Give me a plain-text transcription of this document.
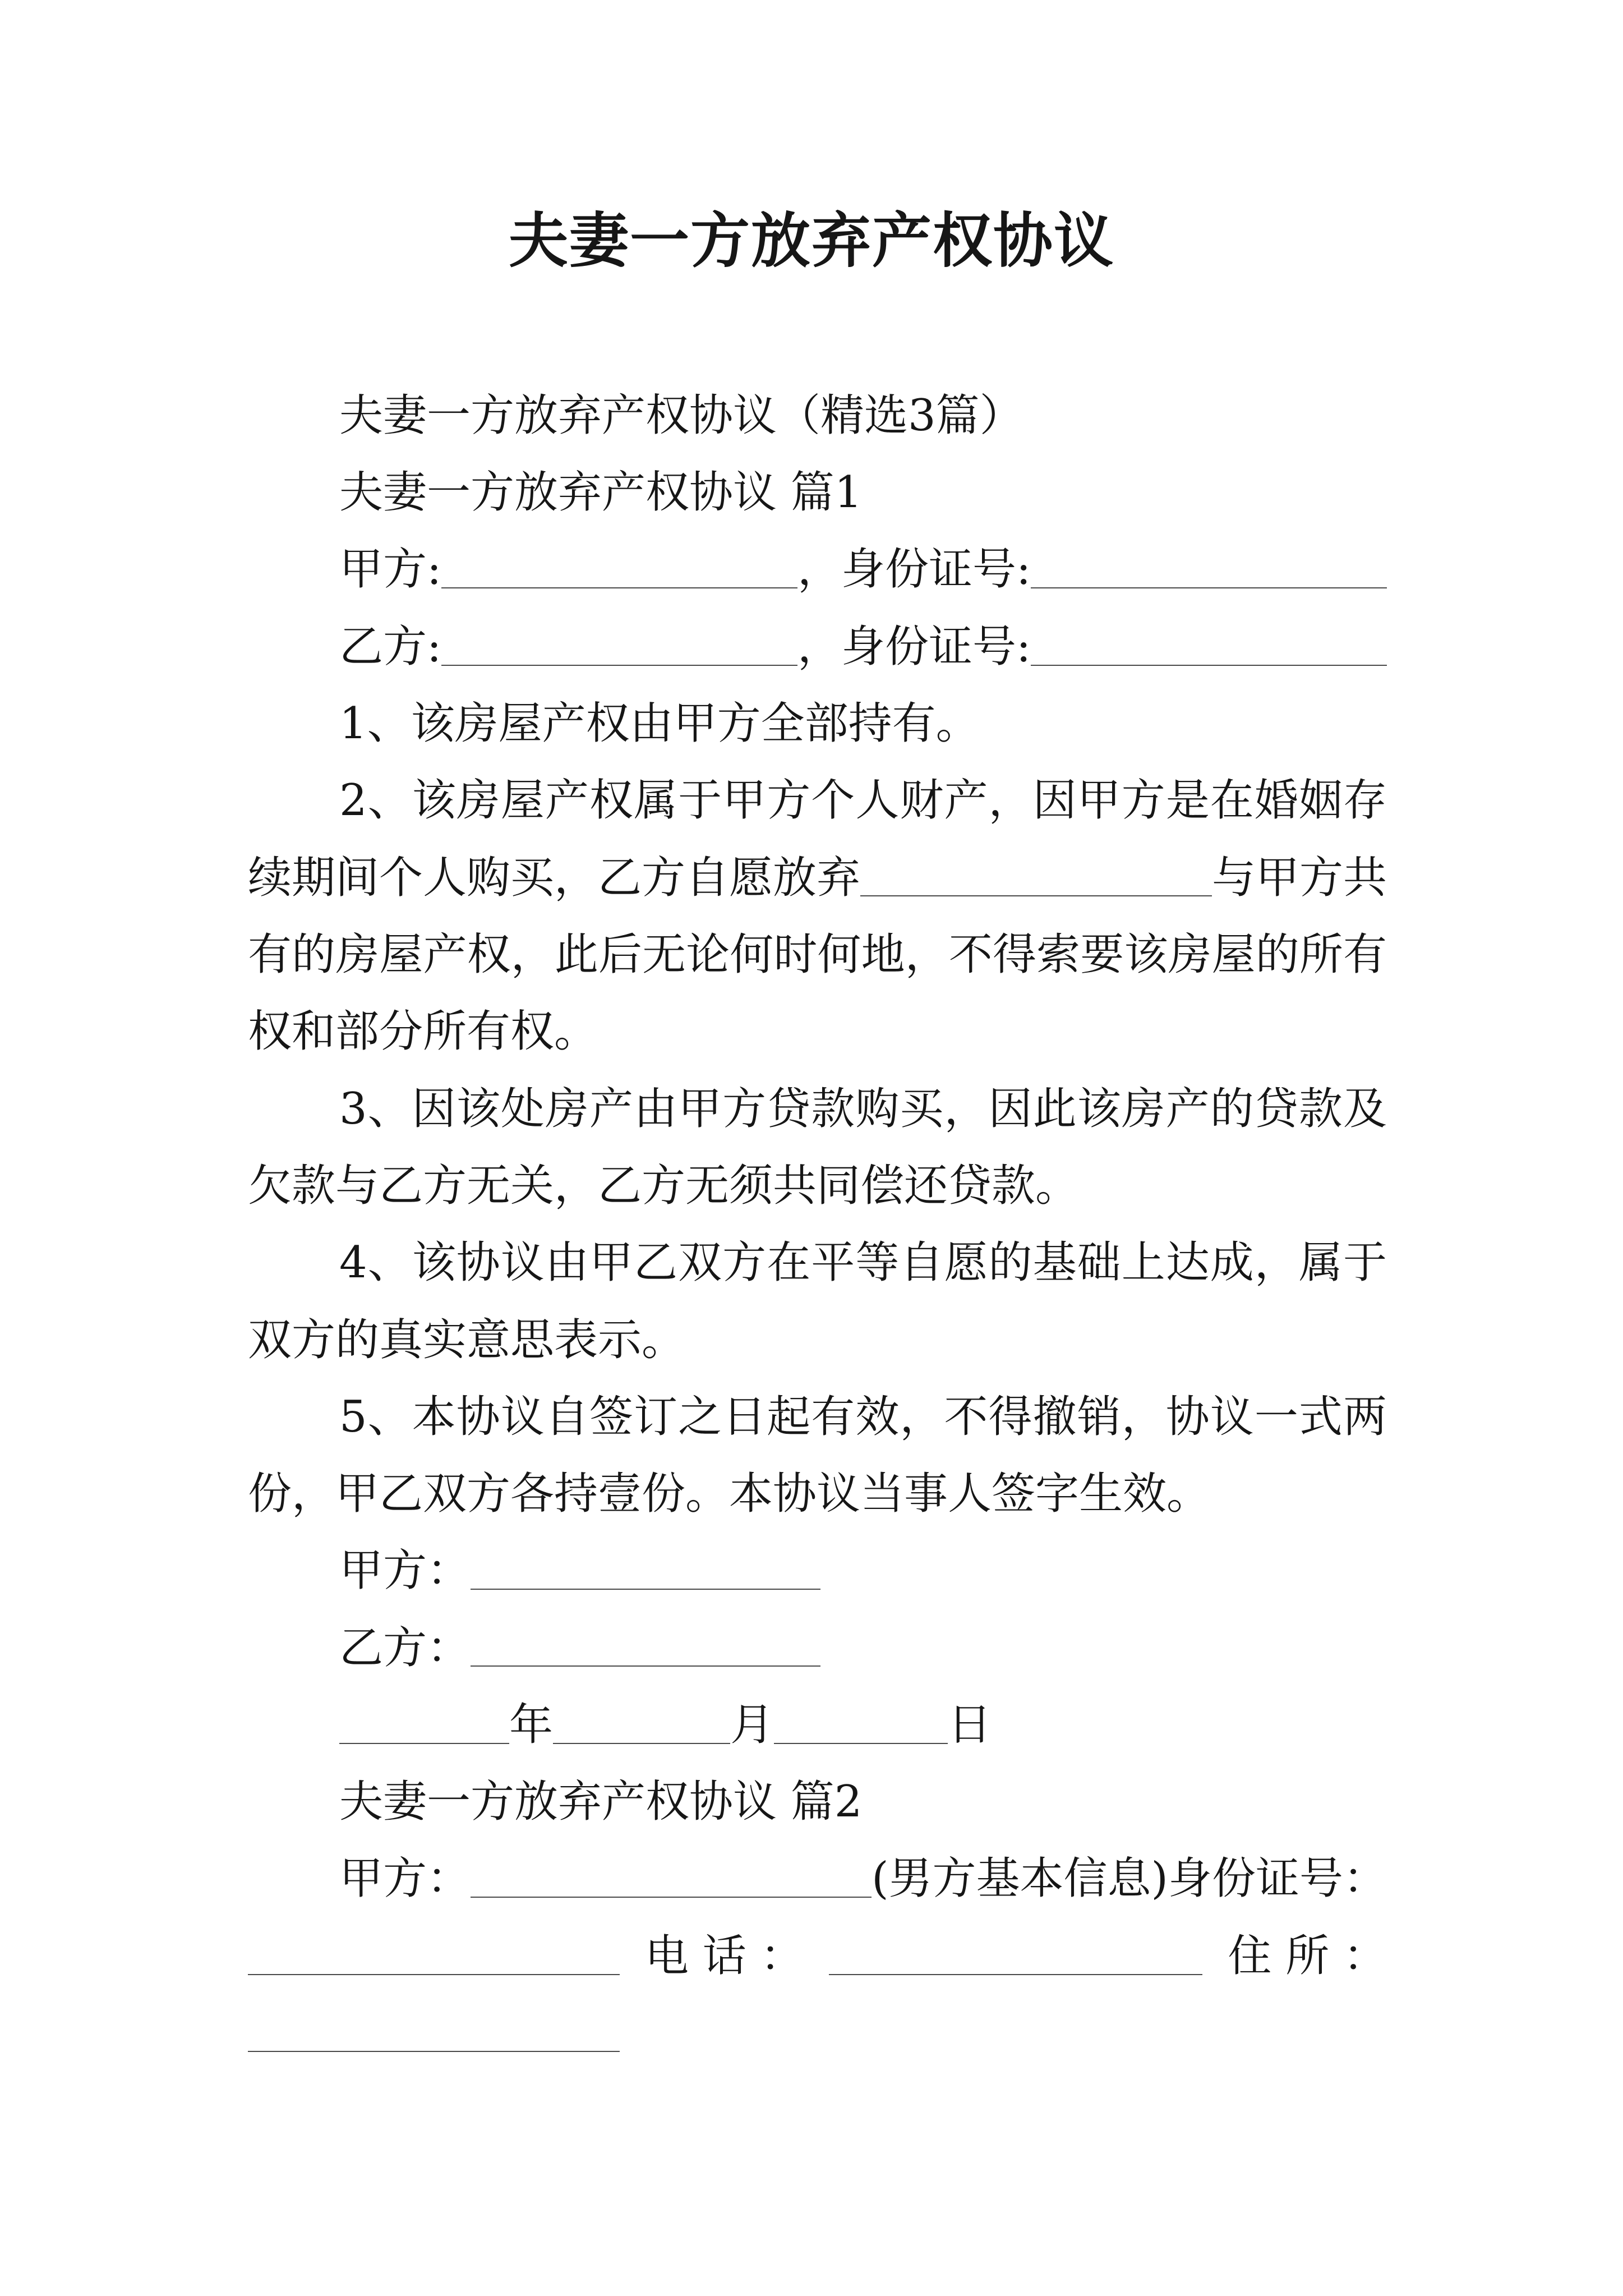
夫妻一方放弃产权协议
夫妻一方放弃产权协议（精选3篇）
夫妻一方放弃产权协议 篇1
甲方:	，身份证号:
乙方:	，身份证号:
1、该房屋产权由甲方全部持有。
2、该房屋产权属于甲方个人财产，因甲方是在婚姻存
续期间个人购买，乙方自愿放弃	与甲方共
有的房屋产权，此后无论何时何地，不得索要该房屋的所有
权和部分所有权。
3、因该处房产由甲方贷款购买，因此该房产的贷款及
欠款与乙方无关，乙方无须共同偿还贷款。
4、该协议由甲乙双方在平等自愿的基础上达成，属于
双方的真实意思表示。
5、本协议自签订之日起有效，不得撤销，协议一式两
份，甲乙双方各持壹份。本协议当事人签字生效。
甲方：
乙方：
年	月	日
夫妻一方放弃产权协议 篇2
甲方：	(男方基本信息)身份证号：
电 话 ：	住 所 ：
